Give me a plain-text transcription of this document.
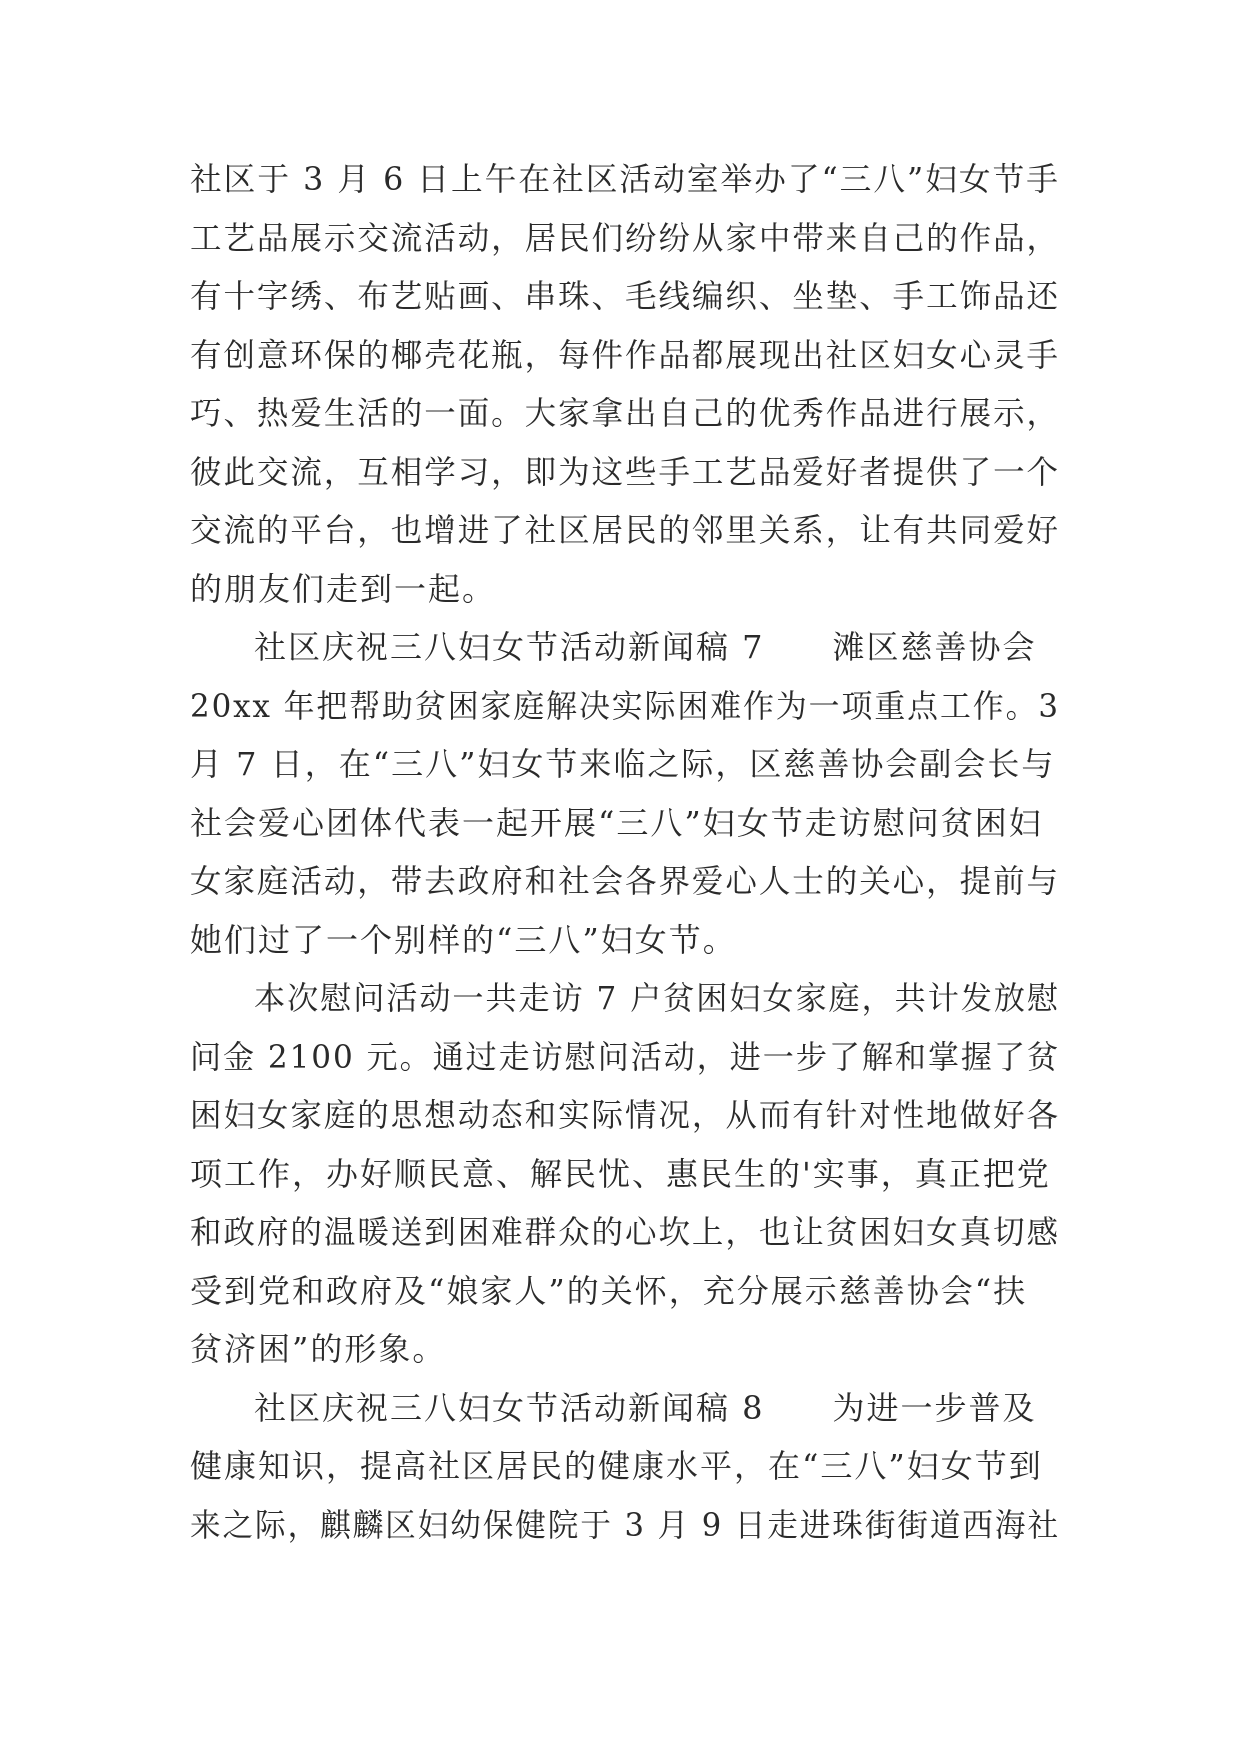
社区于 3 月 6 日上午在社区活动室举办了“三八”妇女节手
工艺品展示交流活动，居民们纷纷从家中带来自己的作品，
有十字绣、布艺贴画、串珠、毛线编织、坐垫、手工饰品还
有创意环保的椰壳花瓶，每件作品都展现出社区妇女心灵手
巧、热爱生活的一面。大家拿出自己的优秀作品进行展示，
彼此交流，互相学习，即为这些手工艺品爱好者提供了一个
交流的平台，也增进了社区居民的邻里关系，让有共同爱好
的朋友们走到一起。
社区庆祝三八妇女节活动新闻稿 7　　滩区慈善协会
20xx 年把帮助贫困家庭解决实际困难作为一项重点工作。3
月 7 日，在“三八”妇女节来临之际，区慈善协会副会长与
社会爱心团体代表一起开展“三八”妇女节走访慰问贫困妇
女家庭活动，带去政府和社会各界爱心人士的关心，提前与
她们过了一个别样的“三八”妇女节。
本次慰问活动一共走访 7 户贫困妇女家庭，共计发放慰
问金 2100 元。通过走访慰问活动，进一步了解和掌握了贫
困妇女家庭的思想动态和实际情况，从而有针对性地做好各
项工作，办好顺民意、解民忧、惠民生的'实事，真正把党
和政府的温暖送到困难群众的心坎上，也让贫困妇女真切感
受到党和政府及“娘家人”的关怀，充分展示慈善协会“扶
贫济困”的形象。
社区庆祝三八妇女节活动新闻稿 8　　为进一步普及
健康知识，提高社区居民的健康水平，在“三八”妇女节到
来之际，麒麟区妇幼保健院于 3 月 9 日走进珠街街道西海社
